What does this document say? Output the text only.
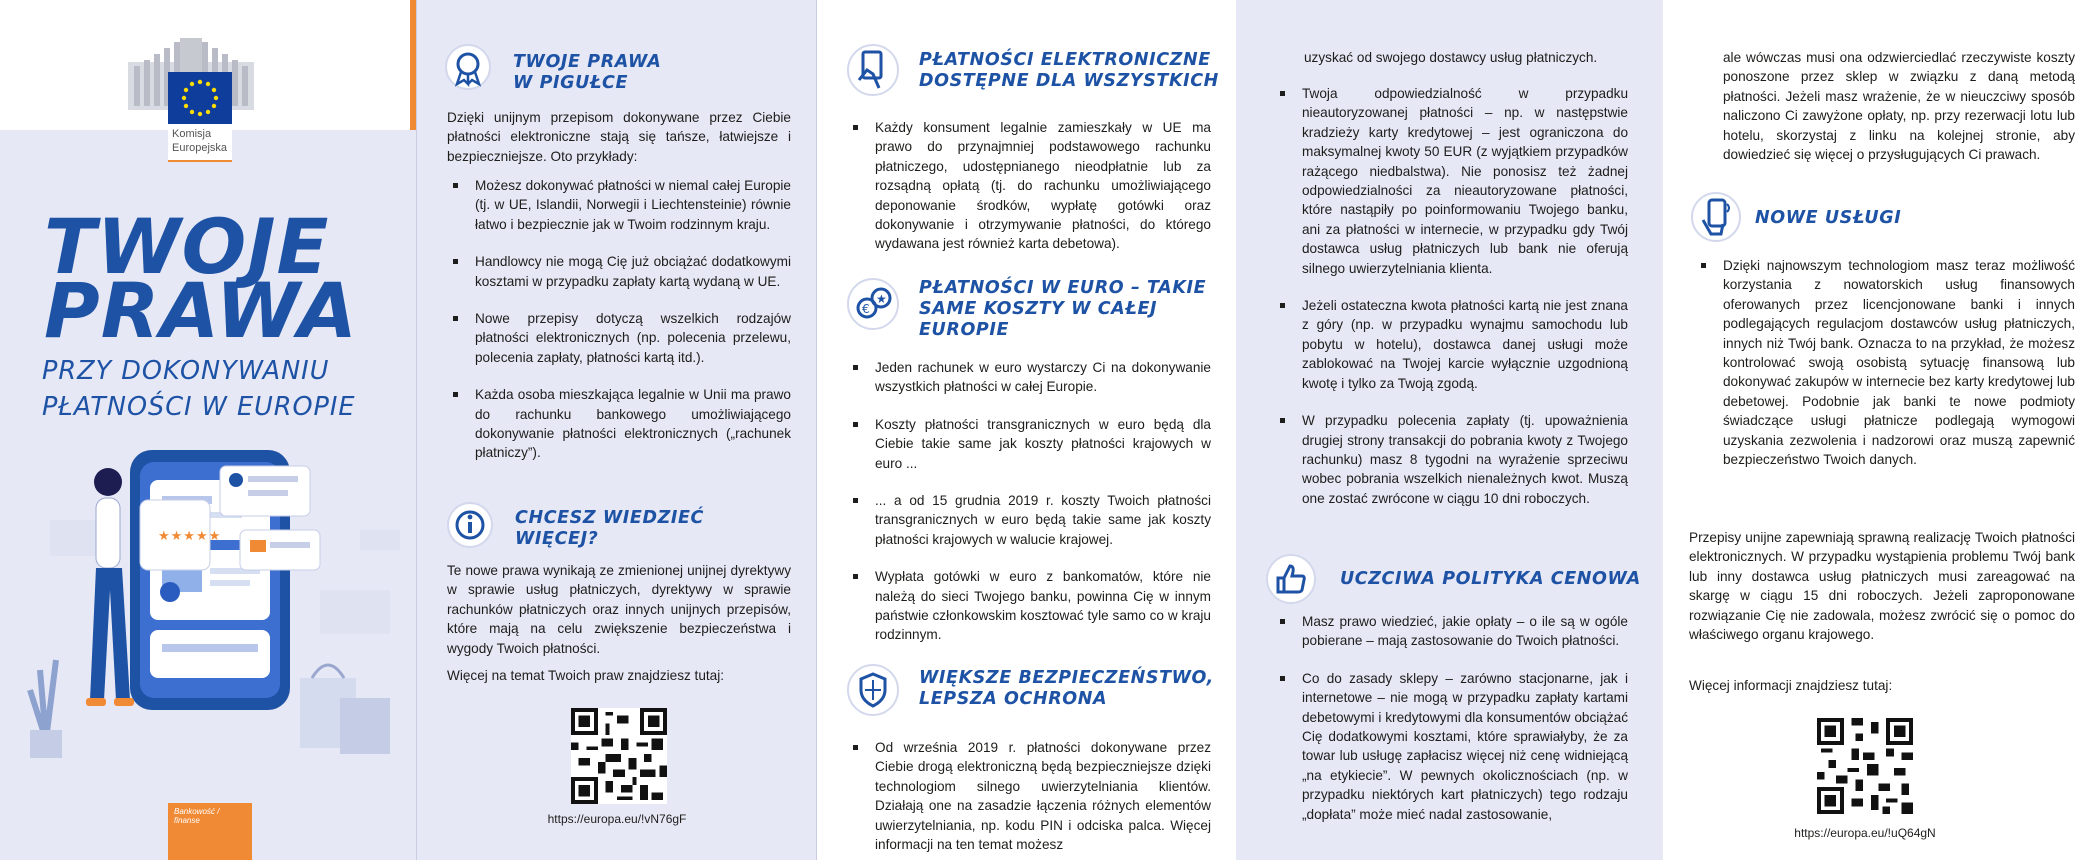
Komisja
Europejska
TWOJE
PRAWA
PRZY DOKONYWANIU
PŁATNOŚCI W EUROPIE
★★★★★
Bankowość /
finanse
TWOJE PRAWA
W PIGUŁCE
Dzięki unijnym przepisom dokonywane przez Ciebie płatności elektroniczne stają się tańsze, łatwiejsze i bezpieczniejsze. Oto przykłady:
Możesz dokonywać płatności w niemal całej Europie (tj. w UE, Islandii, Norwegii i Liechtensteinie) równie łatwo i bezpiecznie jak w Twoim rodzinnym kraju.
Handlowcy nie mogą Cię już obciążać dodatkowymi kosztami w przypadku zapłaty kartą wydaną w UE.
Nowe przepisy dotyczą wszelkich rodzajów płatności elektronicznych (np. polecenia przelewu, polecenia zapłaty, płatności kartą itd.).
Każda osoba mieszkająca legalnie w Unii ma prawo do rachunku bankowego umożliwiającego dokonywanie płatności elektronicznych („rachunek płatniczy”).
CHCESZ WIEDZIEĆ
WIĘCEJ?
Te nowe prawa wynikają ze zmienionej unijnej dyrektywy w sprawie usług płatniczych, dyrektywy w sprawie rachunków płatniczych oraz innych unijnych przepisów, które mają na celu zwiększenie bezpieczeństwa i wygody Twoich płatności.
Więcej na temat Twoich praw znajdziesz tutaj:
https://europa.eu/!vN76gF
PŁATNOŚCI ELEKTRONICZNE
DOSTĘPNE DLA WSZYSTKICH
Każdy konsument legalnie zamieszkały w UE ma prawo do przynajmniej podstawowego rachunku płatniczego, udostępnianego nieodpłatnie lub za rozsądną opłatą (tj. do rachunku umożliwiającego deponowanie środków, wypłatę gotówki oraz dokonywanie i otrzymywanie płatności, do którego wydawana jest również karta debetowa).
€
★
PŁATNOŚCI W EURO – TAKIE
SAME KOSZTY W CAŁEJ
EUROPIE
Jeden rachunek w euro wystarczy Ci na dokonywanie wszystkich płatności w całej Europie.
Koszty płatności transgranicznych w euro będą dla Ciebie takie same jak koszty płatności krajowych w euro ...
... a od 15 grudnia 2019 r. koszty Twoich płatności transgranicznych w euro będą takie same jak koszty płatności krajowych w walucie krajowej.
Wypłata gotówki w euro z bankomatów, które nie należą do sieci Twojego banku, powinna Cię w innym państwie członkowskim kosztować tyle samo co w kraju rodzinnym.
WIĘKSZE BEZPIECZEŃSTWO,
LEPSZA OCHRONA
Od września 2019 r. płatności dokonywane przez Ciebie drogą elektroniczną będą bezpieczniejsze dzięki technologiom silnego uwierzytelniania klientów. Działają one na zasadzie łączenia różnych elementów uwierzytelniania, np. kodu PIN i odciska palca. Więcej informacji na ten temat możesz
uzyskać od swojego dostawcy usług płatniczych.
Twoja odpowiedzialność w przypadku nieautoryzowanej płatności – np. w następstwie kradzieży karty kredytowej – jest ograniczona do maksymalnej kwoty 50 EUR (z wyjątkiem przypadków rażącego niedbalstwa). Nie ponosisz też żadnej odpowiedzialności za nieautoryzowane płatności, które nastąpiły po poinformowaniu Twojego banku, ani za płatności w internecie, w przypadku gdy Twój dostawca usług płatniczych lub bank nie oferują silnego uwierzytelniania klienta.
Jeżeli ostateczna kwota płatności kartą nie jest znana z góry (np. w przypadku wynajmu samochodu lub pobytu w hotelu), dostawca danej usługi może zablokować na Twojej karcie wyłącznie uzgodnioną kwotę i tylko za Twoją zgodą.
W przypadku polecenia zapłaty (tj. upoważnienia drugiej strony transakcji do pobrania kwoty z Twojego rachunku) masz 8 tygodni na wyrażenie sprzeciwu wobec pobrania wszelkich nienależnych kwot. Muszą one zostać zwrócone w ciągu 10 dni roboczych.
UCZCIWA POLITYKA CENOWA
Masz prawo wiedzieć, jakie opłaty – o ile są w ogóle pobierane – mają zastosowanie do Twoich płatności.
Co do zasady sklepy – zarówno stacjonarne, jak i internetowe – nie mogą w przypadku zapłaty kartami debetowymi i kredytowymi dla konsumentów obciążać Cię dodatkowymi kosztami, które sprawiałyby, że za towar lub usługę zapłacisz więcej niż cenę widniejącą „na etykiecie”. W pewnych okolicznościach (np. w przypadku niektórych kart płatniczych) tego rodzaju „dopłata” może mieć nadal zastosowanie,
ale wówczas musi ona odzwierciedlać rzeczywiste koszty ponoszone przez sklep w związku z daną metodą płatności. Jeżeli masz wrażenie, że w nieuczciwy sposób naliczono Ci zawyżone opłaty, np. przy rezerwacji lotu lub hotelu, skorzystaj z linku na kolejnej stronie, aby dowiedzieć się więcej o przysługujących Ci prawach.
NOWE USŁUGI
Dzięki najnowszym technologiom masz teraz możliwość korzystania z nowatorskich usług finansowych oferowanych przez licencjonowane banki i innych podlegających regulacjom dostawców usług płatniczych, innych niż Twój bank. Oznacza to na przykład, że możesz kontrolować swoją osobistą sytuację finansową lub dokonywać zakupów w internecie bez karty kredytowej lub debetowej. Podobnie jak banki te nowe podmioty świadczące usługi płatnicze podlegają wymogowi uzyskania zezwolenia i nadzorowi oraz muszą zapewnić bezpieczeństwo Twoich danych.
Przepisy unijne zapewniają sprawną realizację Twoich płatności elektronicznych. W przypadku wystąpienia problemu Twój bank lub inny dostawca usług płatniczych musi zareagować na skargę w ciągu 15 dni roboczych. Jeżeli zaproponowane rozwiązanie Cię nie zadowala, możesz zwrócić się o pomoc do właściwego organu krajowego.
Więcej informacji znajdziesz tutaj:
https://europa.eu/!uQ64gN
